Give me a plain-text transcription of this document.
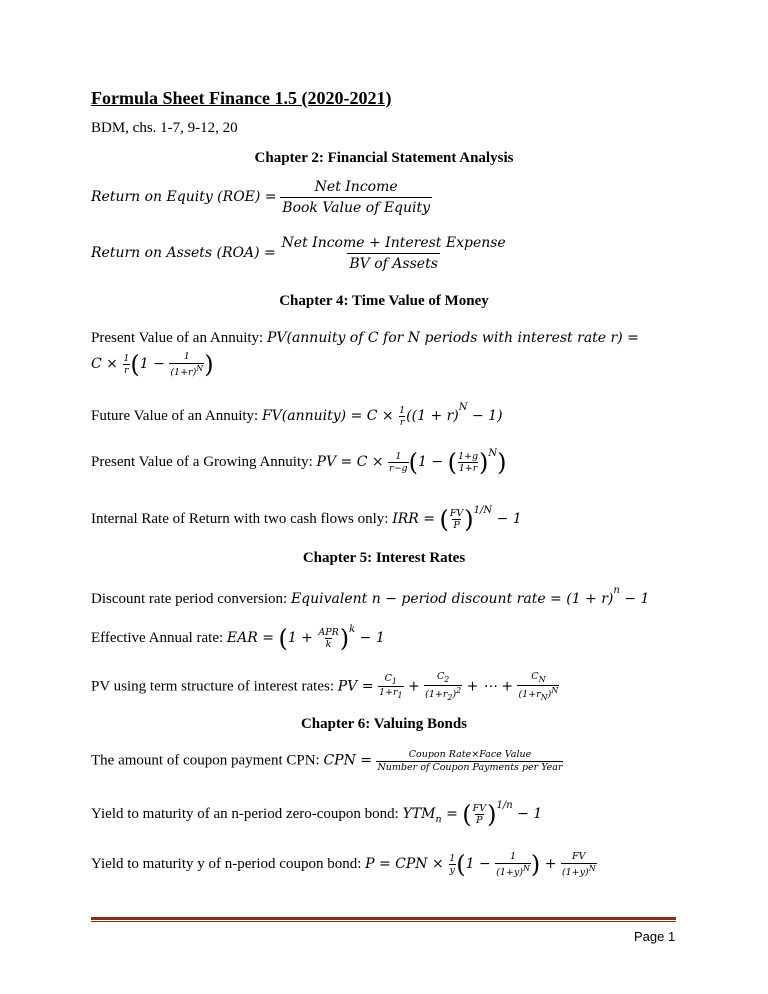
Formula Sheet Finance 1.5 (2020-2021)
BDM, chs. 1-7, 9-12, 20
Chapter 2: Financial Statement Analysis
Return on Equity $(ROE) = \frac{\text{Net Income}}{\text{Book Value of Equity}}$
Return on Assets $(ROA) = \frac{\text{Net Income + Interest Expense}}{\text{BV of Assets}}$
Chapter 4: Time Value of Money
Present Value of an Annuity: PV(annuity of C for N periods with interest rate r) =
$C \times \frac{1}{r} (1 - \frac{1}{(1+r)^N}$ )
Future Value of an Annuity: FV(annuity) = $C \times \frac{1}{r} ((1 + r)^N - 1)$
Present Value of a Growing Annuity: PV = $C \times \frac{1}{r-g} (1$ − ( $\frac{1+g}{1+r} )^N$)
Internal Rate of Return with two cash flows only: IRR = ( $\frac{FV}{P} )^{1/N} - 1$
Chapter 5: Interest Rates
Discount rate period conversion: Equivalent n − period discount rate = $(1 + r)^n - 1$
Effective Annual rate: EAR = $(1 + \frac{\text{APR}}{k} )^k - 1$
PV using term structure of interest rates: PV = $\frac{C_1}{1+r_1} + \frac{C_2}{(1+r_2)^2}$ + ⋯ + $\frac{C_N}{(1+r_N)^N}$
Chapter 6: Valuing Bonds
The amount of coupon payment CPN: CPN = $\frac{\text{Coupon Rate×Face Value}}{\text{Number of Coupon Payments per Year}}$
Yield to maturity of an n-period zero-coupon bond: $YTM_n$ = ( $\frac{FV}{P} )^{1/n} - 1$
Yield to maturity y of n-period coupon bond: P = CPN × $\frac{1}{y} (1 - \frac{1}{(1+y)^N}$ ) + $\frac{FV}{(1+y)^N}$
Page 1
